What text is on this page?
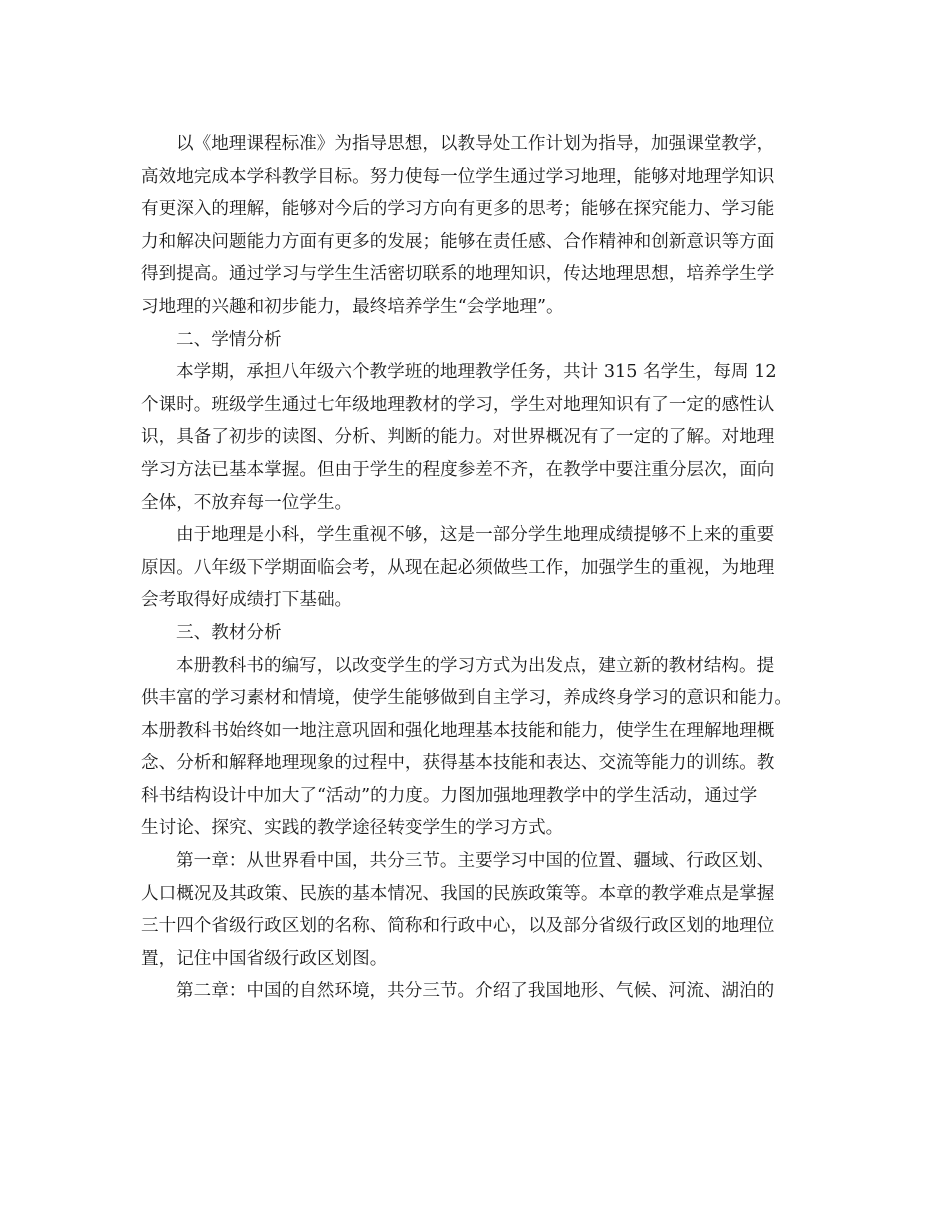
以《地理课程标准》为指导思想，以教导处工作计划为指导，加强课堂教学，
高效地完成本学科教学目标。努力使每一位学生通过学习地理，能够对地理学知识
有更深入的理解，能够对今后的学习方向有更多的思考；能够在探究能力、学习能
力和解决问题能力方面有更多的发展；能够在责任感、合作精神和创新意识等方面
得到提高。通过学习与学生生活密切联系的地理知识，传达地理思想，培养学生学
习地理的兴趣和初步能力，最终培养学生“会学地理”。
二、学情分析
本学期，承担八年级六个教学班的地理教学任务，共计 315 名学生，每周 12
个课时。班级学生通过七年级地理教材的学习，学生对地理知识有了一定的感性认
识，具备了初步的读图、分析、判断的能力。对世界概况有了一定的了解。对地理
学习方法已基本掌握。但由于学生的程度参差不齐，在教学中要注重分层次，面向
全体，不放弃每一位学生。
由于地理是小科，学生重视不够，这是一部分学生地理成绩提够不上来的重要
原因。八年级下学期面临会考，从现在起必须做些工作，加强学生的重视，为地理
会考取得好成绩打下基础。
三、教材分析
本册教科书的编写，以改变学生的学习方式为出发点，建立新的教材结构。提
供丰富的学习素材和情境，使学生能够做到自主学习，养成终身学习的意识和能力。
本册教科书始终如一地注意巩固和强化地理基本技能和能力，使学生在理解地理概
念、分析和解释地理现象的过程中，获得基本技能和表达、交流等能力的训练。教
科书结构设计中加大了“活动”的力度。力图加强地理教学中的学生活动，通过学
生讨论、探究、实践的教学途径转变学生的学习方式。
第一章：从世界看中国，共分三节。主要学习中国的位置、疆域、行政区划、
人口概况及其政策、民族的基本情况、我国的民族政策等。本章的教学难点是掌握
三十四个省级行政区划的名称、简称和行政中心，以及部分省级行政区划的地理位
置，记住中国省级行政区划图。
第二章：中国的自然环境，共分三节。介绍了我国地形、气候、河流、湖泊的
